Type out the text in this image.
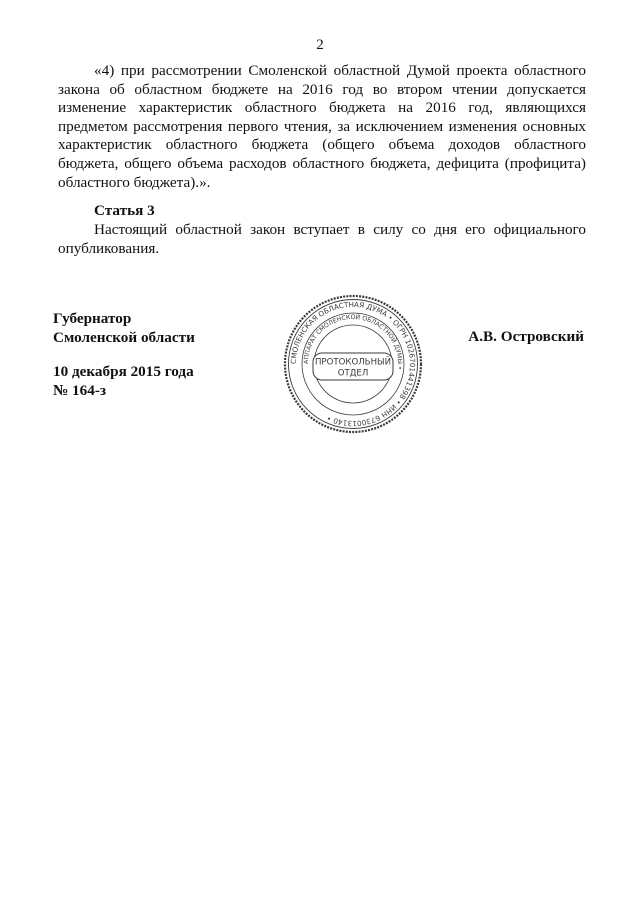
2

«4) при рассмотрении Смоленской областной Думой проекта областного закона об областном бюджете на 2016 год во втором чтении допускается изменение характеристик областного бюджета на 2016 год, являющихся предметом рассмотрения первого чтения, за исключением изменения основных характеристик областного бюджета (общего объема доходов областного бюджета, общего объема расходов областного бюджета, дефицита (профицита) областного бюджета).».

Статья 3

Настоящий областной закон вступает в силу со дня его официального опубликования.

Губернатор
Смоленской области	А.В. Островский
10 декабря 2015 года
№ 164-з
СМОЛЕНСКАЯ ОБЛАСТНАЯ ДУМА • ОГРН 1026701441398 • ИНН 6730013140 •
АППАРАТ СМОЛЕНСКОЙ ОБЛАСТНОЙ ДУМЫ •
ПРОТОКОЛЬНЫЙ
ОТДЕЛ
